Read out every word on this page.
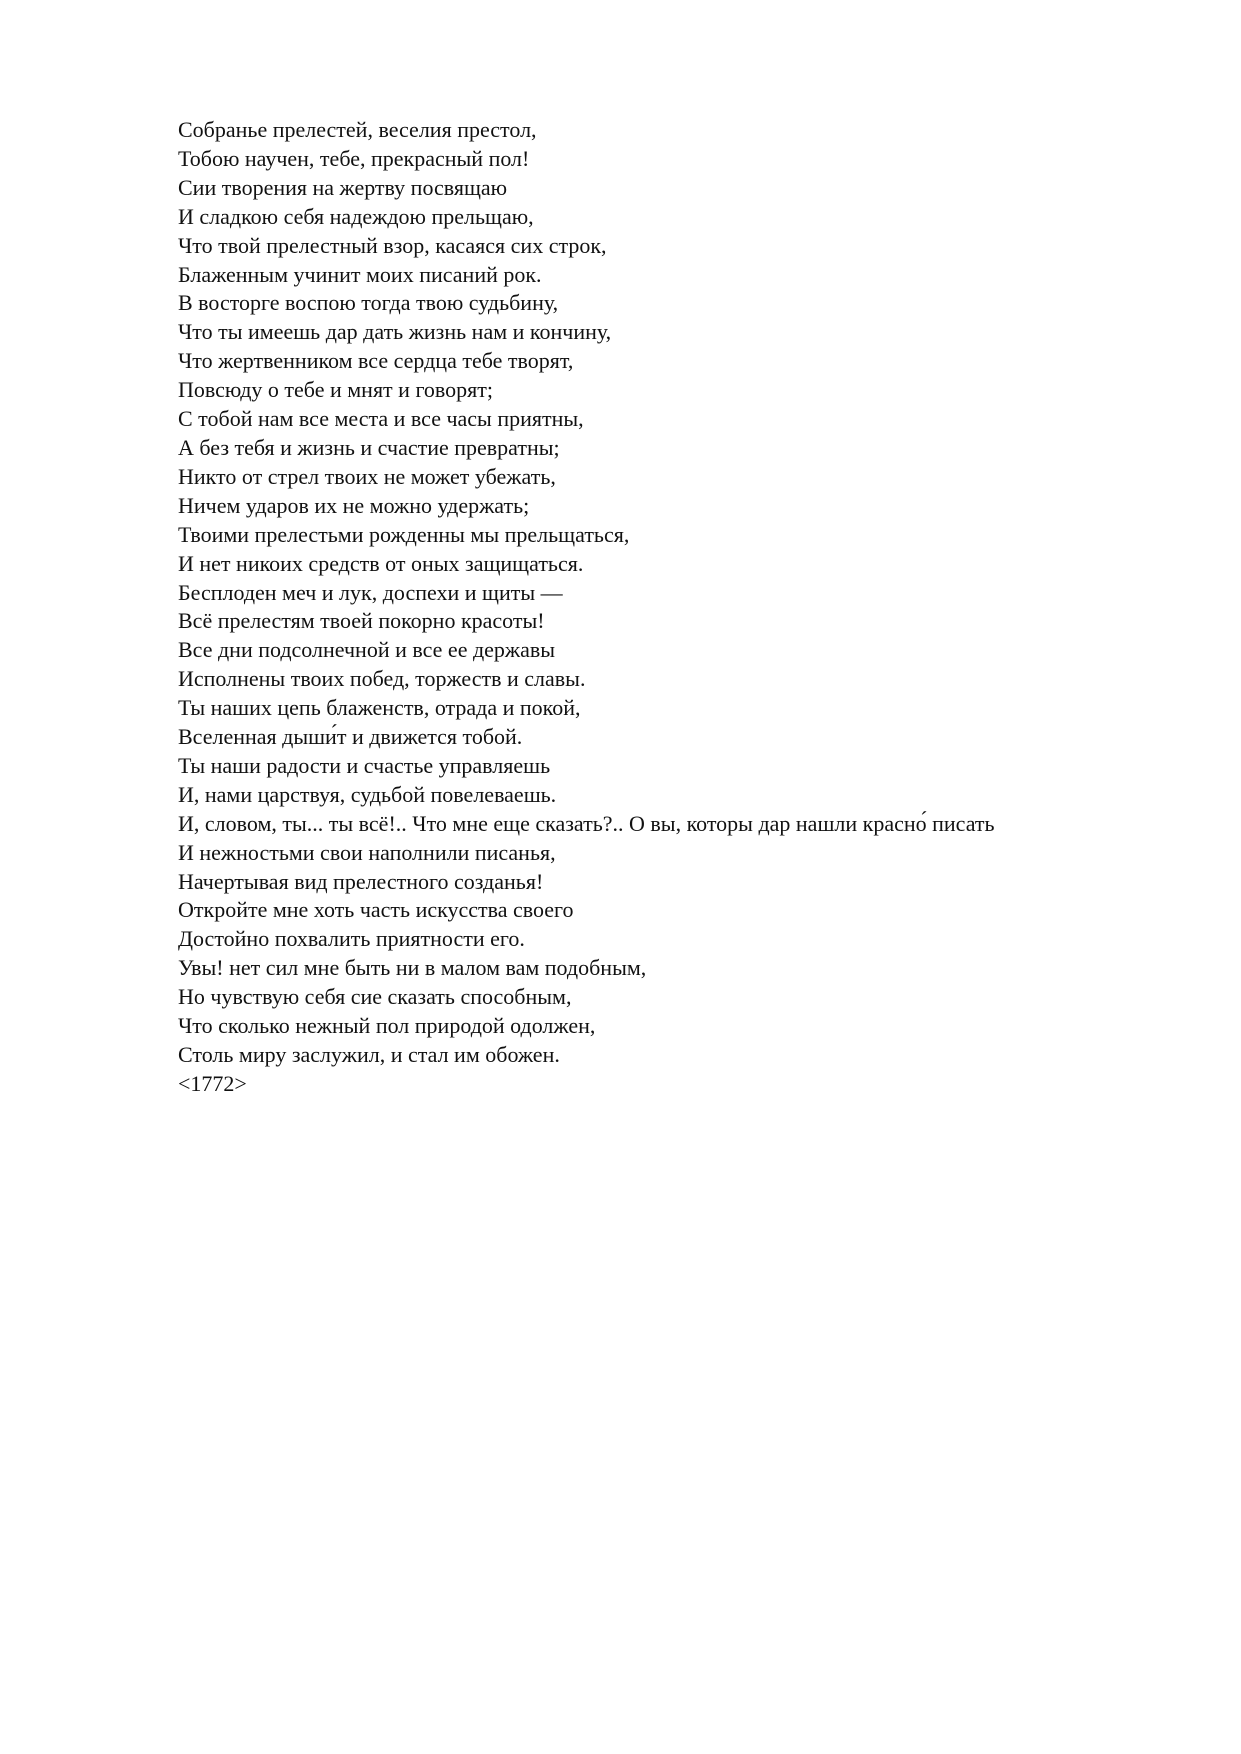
Собранье прелестей, веселия престол,
Тобою научен, тебе, прекрасный пол!
Сии творения на жертву посвящаю
И сладкою себя надеждою прельщаю,
Что твой прелестный взор, касаяся сих строк,
Блаженным учинит моих писаний рок.
В восторге воспою тогда твою судьбину,
Что ты имеешь дар дать жизнь нам и кончину,
Что жертвенником все сердца тебе творят,
Повсюду о тебе и мнят и говорят;
С тобой нам все места и все часы приятны,
А без тебя и жизнь и счастие превратны;
Никто от стрел твоих не может убежать,
Ничем ударов их не можно удержать;
Твоими прелестьми рожденны мы прельщаться,
И нет никоих средств от оных защищаться.
Бесплоден меч и лук, доспехи и щиты —
Всё прелестям твоей покорно красоты!
Все дни подсолнечной и все ее державы
Исполнены твоих побед, торжеств и славы.
Ты наших цепь блаженств, отрада и покой,
Вселенная дыши́т и движется тобой.
Ты наши радости и счастье управляешь
И, нами царствуя, судьбой повелеваешь.
И, словом, ты... ты всё!.. Что мне еще сказать?.. О вы, которы дар нашли красно́ писать
И нежностьми свои наполнили писанья,
Начертывая вид прелестного созданья!
Откройте мне хоть часть искусства своего
Достойно похвалить приятности его.
Увы! нет сил мне быть ни в малом вам подобным,
Но чувствую себя сие сказать способным,
Что сколько нежный пол природой одолжен,
Столь миру заслужил, и стал им обожен.
<1772>
